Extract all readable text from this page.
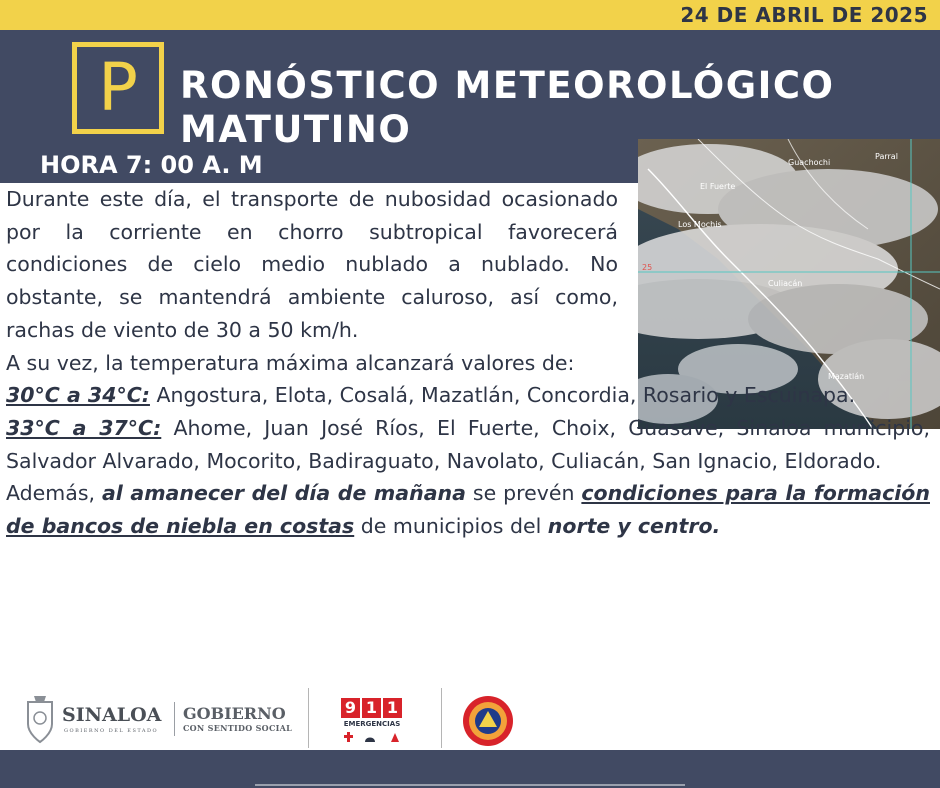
24 DE ABRIL DE 2025
P	RONÓSTICO METEOROLÓGICO
MATUTINO
HORA 7: 00 A. M	Guachochi
Parral
El Fuerte
Los Mochis
Culiacán
Mazatlán
25

Durante este día, el transporte de nubosidad ocasionado por la corriente en chorro subtropical favorecerá condiciones de cielo medio nublado a nublado. No obstante, se mantendrá ambiente caluroso, así como, rachas de viento de 30 a 50 km/h.

A su vez, la temperatura máxima alcanzará valores de:

30°C a 34°C: Angostura, Elota, Cosalá, Mazatlán, Concordia, Rosario y Escuinapa.

33°C a 37°C: Ahome, Juan José Ríos, El Fuerte, Choix, Guasave, Sinaloa municipio, Salvador Alvarado, Mocorito, Badiraguato, Navolato, Culiacán, San Ignacio, Eldorado.

Además, al amanecer del día de mañana se prevén condiciones para la formación de bancos de niebla en costas de municipios del norte y centro.

SINALOA
GOBIERNO DEL ESTADO
GOBIERNO
CON SENTIDO SOCIAL
9 1 1
EMERGENCIAS
